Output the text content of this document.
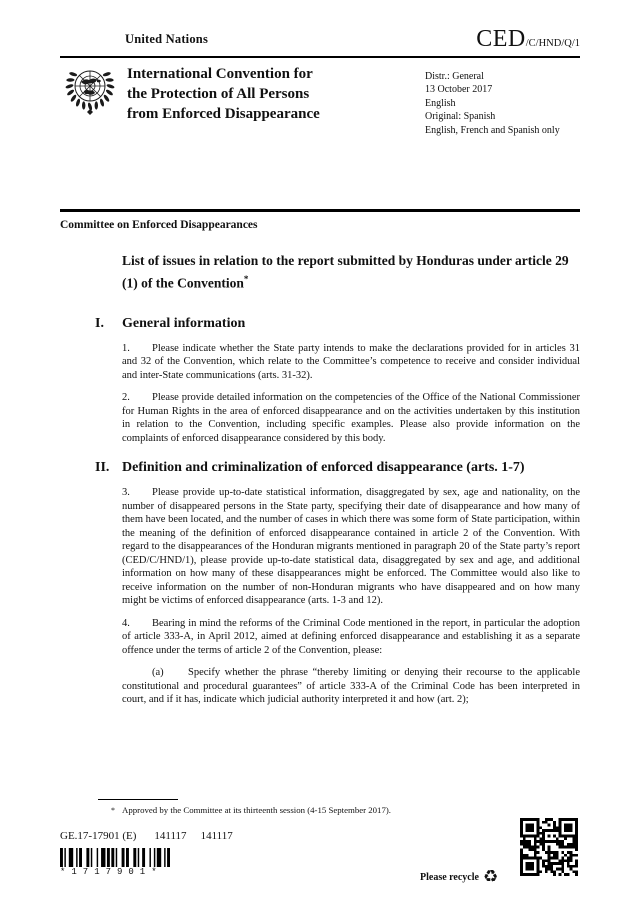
United Nations	CED /C/HND/Q/1
International Convention for
the Protection of All Persons
from Enforced Disappearance
Distr.: General
13 October 2017
English
Original: Spanish
English, French and Spanish only
Committee on Enforced Disappearances

List of issues in relation to the report submitted by Honduras under article 29 (1) of the Convention*

I.	General information

1. Please indicate whether the State party intends to make the declarations provided for in articles 31 and 32 of the Convention, which relate to the Committee’s competence to receive and consider individual and inter-State communications (arts. 31-32).

2. Please provide detailed information on the competencies of the Office of the National Commissioner for Human Rights in the area of enforced disappearance and on the activities undertaken by this institution in relation to the Convention, including specific examples. Please also provide information on the complaints of enforced disappearance considered by this body.

II. Definition and criminalization of enforced disappearance (arts. 1-7)

3. Please provide up-to-date statistical information, disaggregated by sex, age and nationality, on the number of disappeared persons in the State party, specifying their date of disappearance and how many of them have been located, and the number of cases in which there was some form of State participation, within the meaning of the definition of enforced disappearance contained in article 2 of the Convention. With regard to the disappearances of the Honduran migrants mentioned in paragraph 20 of the State party’s report (CED/C/HND/1), please provide up-to-date statistical data, disaggregated by sex and age, and additional information on how many of these disappearances might be enforced. The Committee would also like to receive information on the number of non-Honduran migrants who have disappeared and on how many might be victims of enforced disappearance (arts. 1-3 and 12).

4. Bearing in mind the reforms of the Criminal Code mentioned in the report, in particular the adoption of article 333-A, in April 2012, aimed at defining enforced disappearance and establishing it as a separate offence under the terms of article 2 of the Convention, please:

(a) Specify whether the phrase “thereby limiting or denying their recourse to the applicable constitutional and procedural guarantees” of article 333-A of the Criminal Code has been interpreted in court, and if it has, indicate which judicial authority interpreted it and how (art. 2);

* Approved by the Committee at its thirteenth session (4-15 September 2017).
GE.17-17901 (E) 141117 141117
*1717901*	Please recycle ♻
